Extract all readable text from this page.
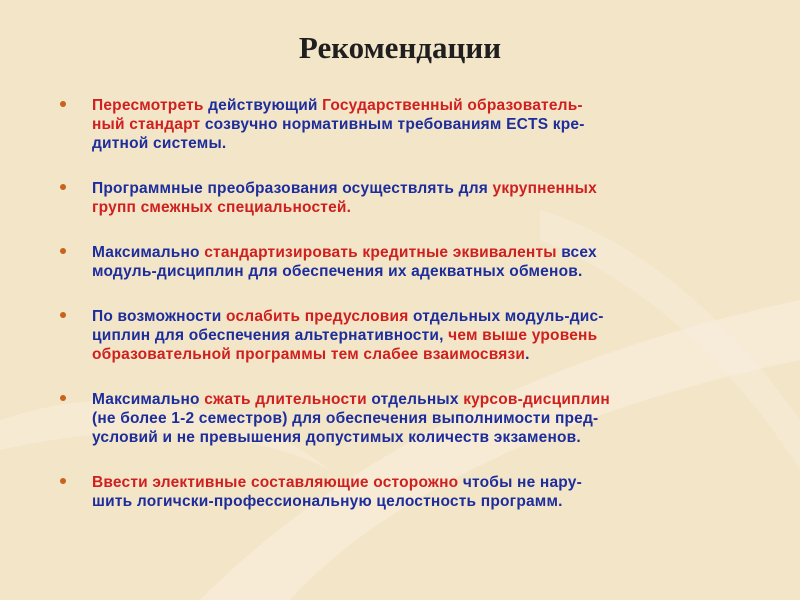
Рекомендации
Пересмотреть действующий Государственный образователь-
ный стандарт созвучно нормативным требованиям ECTS кре-
дитной системы.
Программные преобразования осуществлять для укрупненных
групп смежных специальностей.
Максимально стандартизировать кредитные эквиваленты всех
модуль-дисциплин для обеспечения их адекватных обменов.
По возможности ослабить предусловия отдельных модуль-дис-
циплин для обеспечения альтернативности, чем выше уровень
образовательной программы тем слабее взаимосвязи.
Максимально сжать длительности отдельных курсов-дисциплин
(не более 1-2 семестров) для обеспечения выполнимости пред-
условий и не превышения допустимых количеств экзаменов.
Ввести элективные составляющие осторожно чтобы не нару-
шить логичски-профессиональную целостность программ.
